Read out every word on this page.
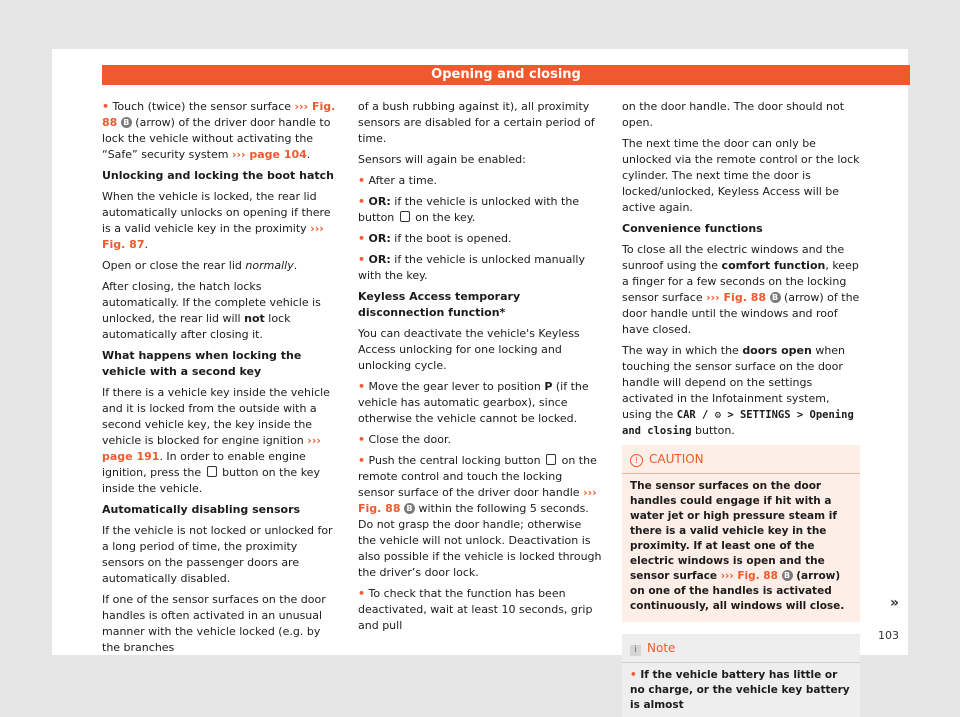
Opening and closing

• Touch (twice) the sensor surface ››› Fig. 88 B (arrow) of the driver door handle to lock the vehicle without activating the “Safe” security system ››› page 104.

Unlocking and locking the boot hatch

When the vehicle is locked, the rear lid automatically unlocks on opening if there is a valid vehicle key in the proximity ››› Fig. 87.

Open or close the rear lid normally.

After closing, the hatch locks automatically. If the complete vehicle is unlocked, the rear lid will not lock automatically after closing it.

What happens when locking the vehicle with a second key

If there is a vehicle key inside the vehicle and it is locked from the outside with a second vehicle key, the key inside the vehicle is blocked for engine ignition ››› page 191. In order to enable engine ignition, press the  button on the key inside the vehicle.

Automatically disabling sensors

If the vehicle is not locked or unlocked for a long period of time, the proximity sensors on the passenger doors are automatically disabled.

If one of the sensor surfaces on the door handles is often activated in an unusual manner with the vehicle locked (e.g. by the branches

of a bush rubbing against it), all proximity sensors are disabled for a certain period of time.

Sensors will again be enabled:

• After a time.

• OR: if the vehicle is unlocked with the button  on the key.

• OR: if the boot is opened.

• OR: if the vehicle is unlocked manually with the key.

Keyless Access temporary disconnection function*

You can deactivate the vehicle's Keyless Access unlocking for one locking and unlocking cycle.

• Move the gear lever to position P (if the vehicle has automatic gearbox), since otherwise the vehicle cannot be locked.

• Close the door.

• Push the central locking button  on the remote control and touch the locking sensor surface of the driver door handle ››› Fig. 88 B within the following 5 seconds. Do not grasp the door handle; otherwise the vehicle will not unlock. Deactivation is also possible if the vehicle is locked through the driver’s door lock.

• To check that the function has been deactivated, wait at least 10 seconds, grip and pull

on the door handle. The door should not open.

The next time the door can only be unlocked via the remote control or the lock cylinder. The next time the door is locked/unlocked, Keyless Access will be active again.

Convenience functions

To close all the electric windows and the sunroof using the comfort function, keep a finger for a few seconds on the locking sensor surface ››› Fig. 88 B (arrow) of the door handle until the windows and roof have closed.

The way in which the doors open when touching the sensor surface on the door handle will depend on the settings activated in the Infotainment system, using the CAR / ⚙ > SETTINGS > Opening and closing button.

! CAUTION
The sensor surfaces on the door handles could engage if hit with a water jet or high pressure steam if there is a valid vehicle key in the proximity. If at least one of the electric windows is open and the sensor surface ››› Fig. 88 B (arrow) on one of the handles is activated continuously, all windows will close.
i Note
• If the vehicle battery has little or no charge, or the vehicle key battery is almost
»
103
